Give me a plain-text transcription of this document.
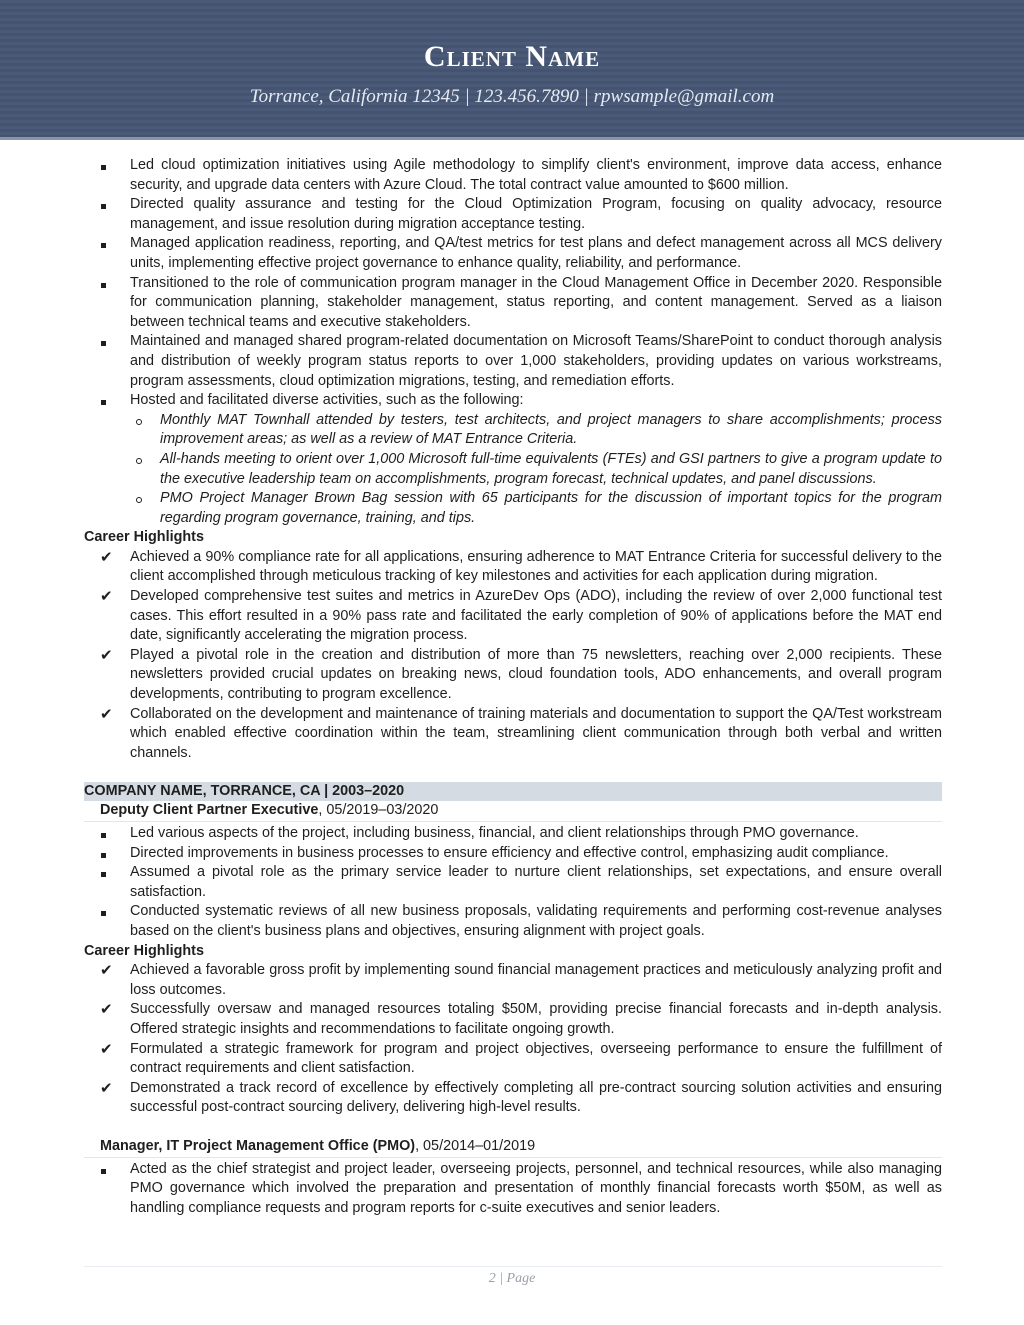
Client Name
Torrance, California 12345 | 123.456.7890 | rpwsample@gmail.com
Led cloud optimization initiatives using Agile methodology to simplify client's environment, improve data access, enhance security, and upgrade data centers with Azure Cloud. The total contract value amounted to $600 million.
Directed quality assurance and testing for the Cloud Optimization Program, focusing on quality advocacy, resource management, and issue resolution during migration acceptance testing.
Managed application readiness, reporting, and QA/test metrics for test plans and defect management across all MCS delivery units, implementing effective project governance to enhance quality, reliability, and performance.
Transitioned to the role of communication program manager in the Cloud Management Office in December 2020. Responsible for communication planning, stakeholder management, status reporting, and content management. Served as a liaison between technical teams and executive stakeholders.
Maintained and managed shared program-related documentation on Microsoft Teams/SharePoint to conduct thorough analysis and distribution of weekly program status reports to over 1,000 stakeholders, providing updates on various workstreams, program assessments, cloud optimization migrations, testing, and remediation efforts.
Hosted and facilitated diverse activities, such as the following:
Monthly MAT Townhall attended by testers, test architects, and project managers to share accomplishments; process improvement areas; as well as a review of MAT Entrance Criteria.
All-hands meeting to orient over 1,000 Microsoft full-time equivalents (FTEs) and GSI partners to give a program update to the executive leadership team on accomplishments, program forecast, technical updates, and panel discussions.
PMO Project Manager Brown Bag session with 65 participants for the discussion of important topics for the program regarding program governance, training, and tips.

Career Highlights

✔ Achieved a 90% compliance rate for all applications, ensuring adherence to MAT Entrance Criteria for successful delivery to the client accomplished through meticulous tracking of key milestones and activities for each application during migration.
✔ Developed comprehensive test suites and metrics in AzureDev Ops (ADO), including the review of over 2,000 functional test cases. This effort resulted in a 90% pass rate and facilitated the early completion of 90% of applications before the MAT end date, significantly accelerating the migration process.
✔ Played a pivotal role in the creation and distribution of more than 75 newsletters, reaching over 2,000 recipients. These newsletters provided crucial updates on breaking news, cloud foundation tools, ADO enhancements, and overall program developments, contributing to program excellence.
✔ Collaborated on the development and maintenance of training materials and documentation to support the QA/Test workstream which enabled effective coordination within the team, streamlining client communication through both verbal and written channels.
COMPANY NAME, TORRANCE, CA | 2003–2020
Deputy Client Partner Executive, 05/2019–03/2020
Led various aspects of the project, including business, financial, and client relationships through PMO governance.
Directed improvements in business processes to ensure efficiency and effective control, emphasizing audit compliance.
Assumed a pivotal role as the primary service leader to nurture client relationships, set expectations, and ensure overall satisfaction.
Conducted systematic reviews of all new business proposals, validating requirements and performing cost-revenue analyses based on the client's business plans and objectives, ensuring alignment with project goals.

Career Highlights

✔ Achieved a favorable gross profit by implementing sound financial management practices and meticulously analyzing profit and loss outcomes.
✔ Successfully oversaw and managed resources totaling $50M, providing precise financial forecasts and in-depth analysis. Offered strategic insights and recommendations to facilitate ongoing growth.
✔ Formulated a strategic framework for program and project objectives, overseeing performance to ensure the fulfillment of contract requirements and client satisfaction.
✔ Demonstrated a track record of excellence by effectively completing all pre-contract sourcing solution activities and ensuring successful post-contract sourcing delivery, delivering high-level results.
Manager, IT Project Management Office (PMO), 05/2014–01/2019
Acted as the chief strategist and project leader, overseeing projects, personnel, and technical resources, while also managing PMO governance which involved the preparation and presentation of monthly financial forecasts worth $50M, as well as handling compliance requests and program reports for c-suite executives and senior leaders.
2 | Page
